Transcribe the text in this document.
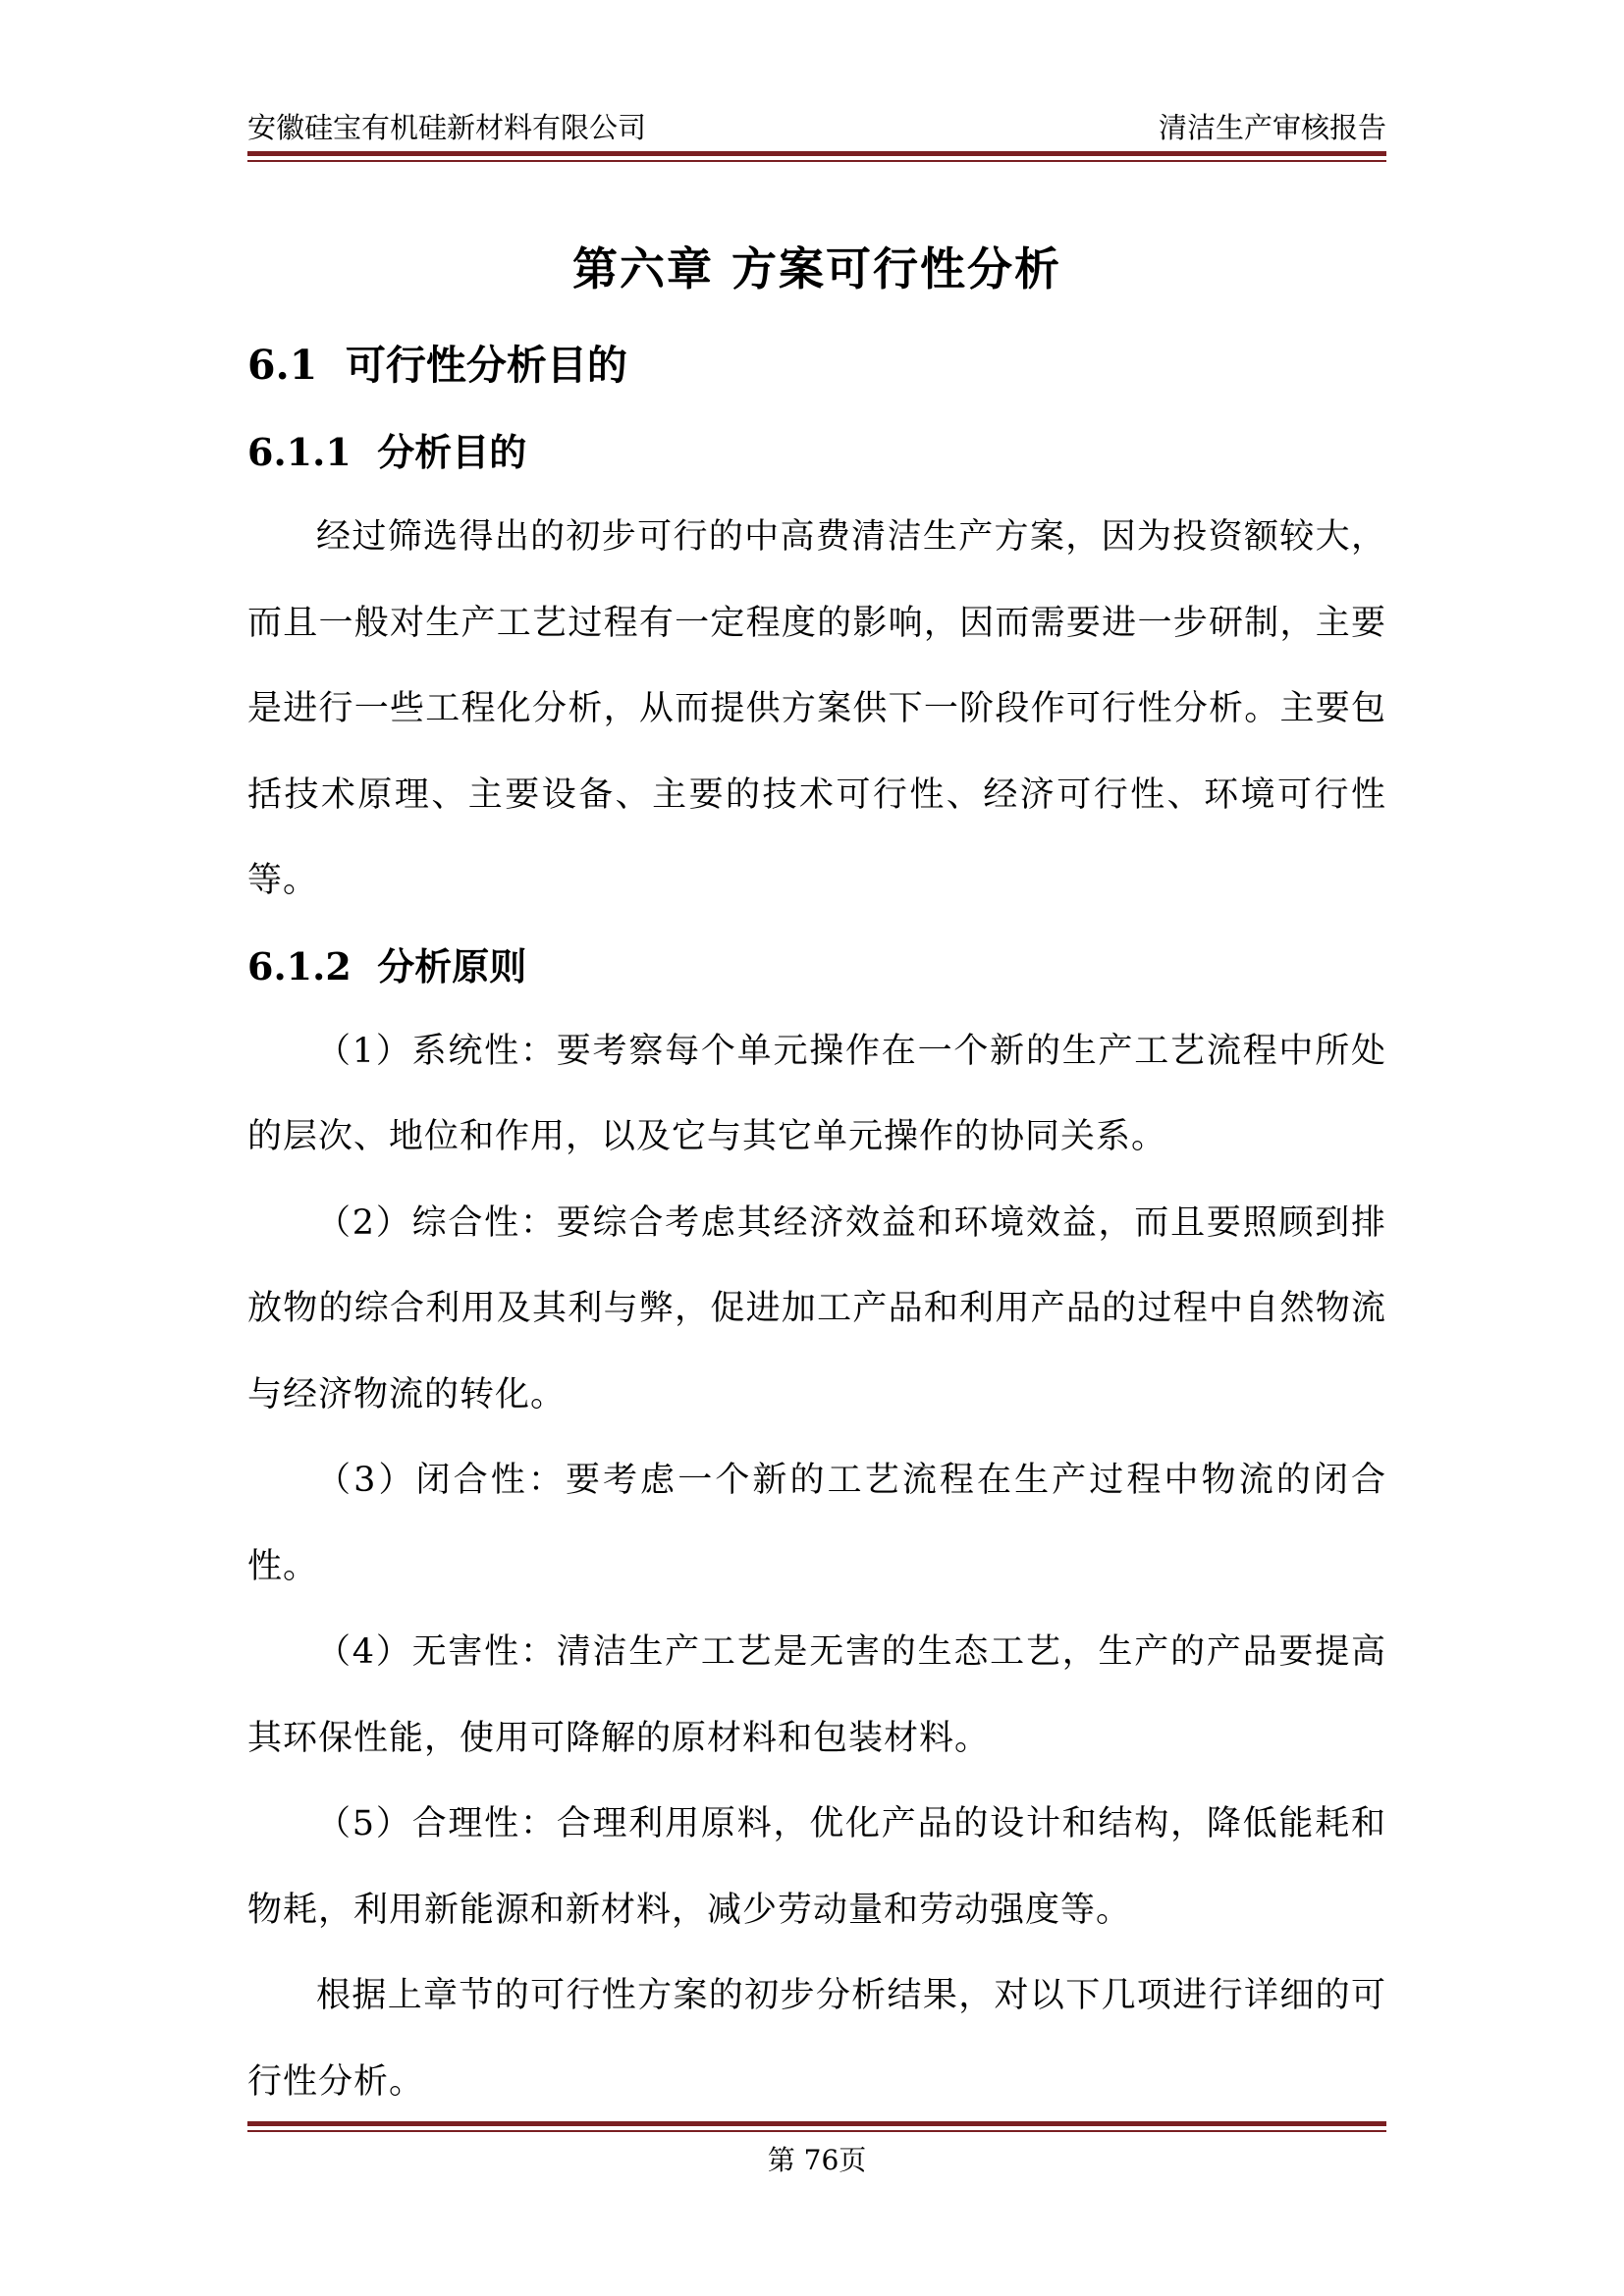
安徽硅宝有机硅新材料有限公司	清洁生产审核报告
第六章 方案可行性分析
6.1 可行性分析目的
6.1.1 分析目的

经过筛选得出的初步可行的中高费清洁生产方案，因为投资额较大，而且一般对生产工艺过程有一定程度的影响，因而需要进一步研制，主要是进行一些工程化分析，从而提供方案供下一阶段作可行性分析。主要包括技术原理、主要设备、主要的技术可行性、经济可行性、环境可行性等。

6.1.2 分析原则

（1）系统性：要考察每个单元操作在一个新的生产工艺流程中所处的层次、地位和作用，以及它与其它单元操作的协同关系。

（2）综合性：要综合考虑其经济效益和环境效益，而且要照顾到排放物的综合利用及其利与弊，促进加工产品和利用产品的过程中自然物流与经济物流的转化。

（3）闭合性：要考虑一个新的工艺流程在生产过程中物流的闭合性。

（4）无害性：清洁生产工艺是无害的生态工艺，生产的产品要提高其环保性能，使用可降解的原材料和包装材料。

（5）合理性：合理利用原料，优化产品的设计和结构，降低能耗和物耗，利用新能源和新材料，减少劳动量和劳动强度等。

根据上章节的可行性方案的初步分析结果，对以下几项进行详细的可行性分析。

第 76页
